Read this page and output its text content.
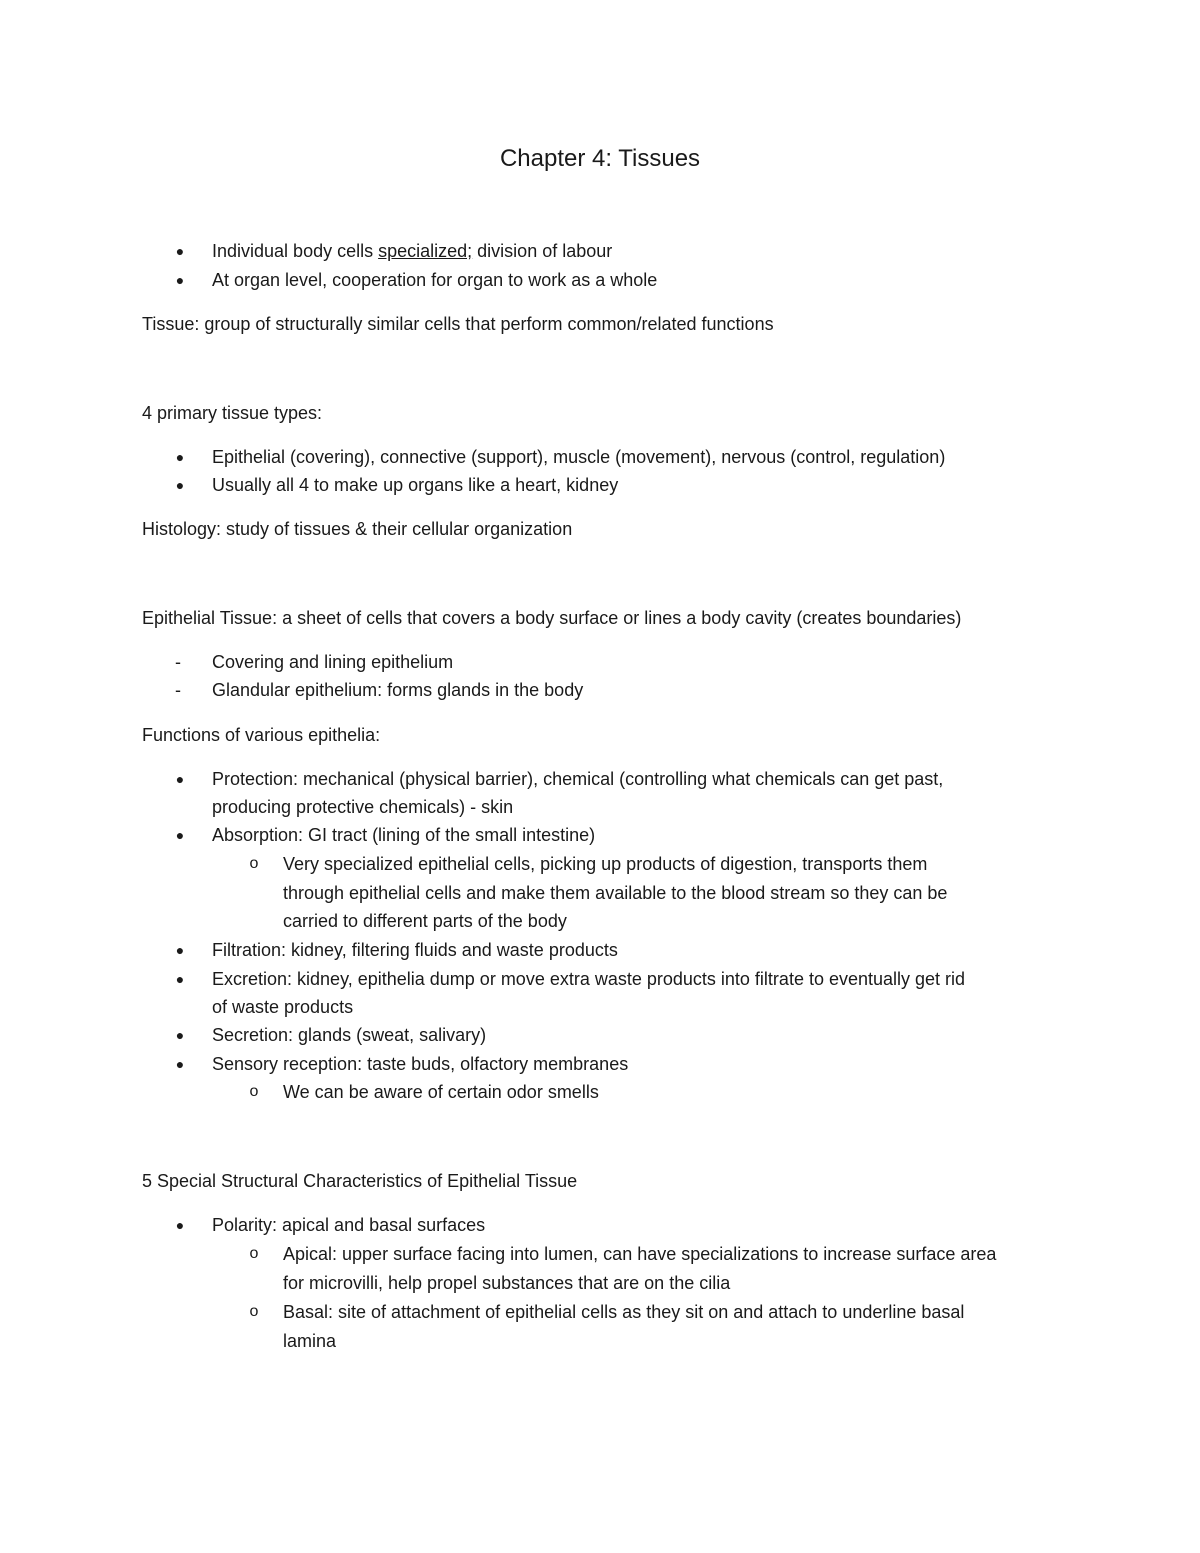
Chapter 4: Tissues
●	Individual body cells specialized; division of labour
●	At organ level, cooperation for organ to work as a whole
Tissue: group of structurally similar cells that perform common/related functions
4 primary tissue types:
●	Epithelial (covering), connective (support), muscle (movement), nervous (control, regulation)
●	Usually all 4 to make up organs like a heart, kidney
Histology: study of tissues & their cellular organization
Epithelial Tissue: a sheet of cells that covers a body surface or lines a body cavity (creates boundaries)
-	Covering and lining epithelium
-	Glandular epithelium: forms glands in the body
Functions of various epithelia:
●	Protection: mechanical (physical barrier), chemical (controlling what chemicals can get past,
producing protective chemicals) - skin
●	Absorption: GI tract (lining of the small intestine)
o	Very specialized epithelial cells, picking up products of digestion, transports them
through epithelial cells and make them available to the blood stream so they can be
carried to different parts of the body
●	Filtration: kidney, filtering fluids and waste products
●	Excretion: kidney, epithelia dump or move extra waste products into filtrate to eventually get rid
of waste products
●	Secretion: glands (sweat, salivary)
●	Sensory reception: taste buds, olfactory membranes
o	We can be aware of certain odor smells
5 Special Structural Characteristics of Epithelial Tissue
●	Polarity: apical and basal surfaces
o	Apical: upper surface facing into lumen, can have specializations to increase surface area
for microvilli, help propel substances that are on the cilia
o	Basal: site of attachment of epithelial cells as they sit on and attach to underline basal
lamina
